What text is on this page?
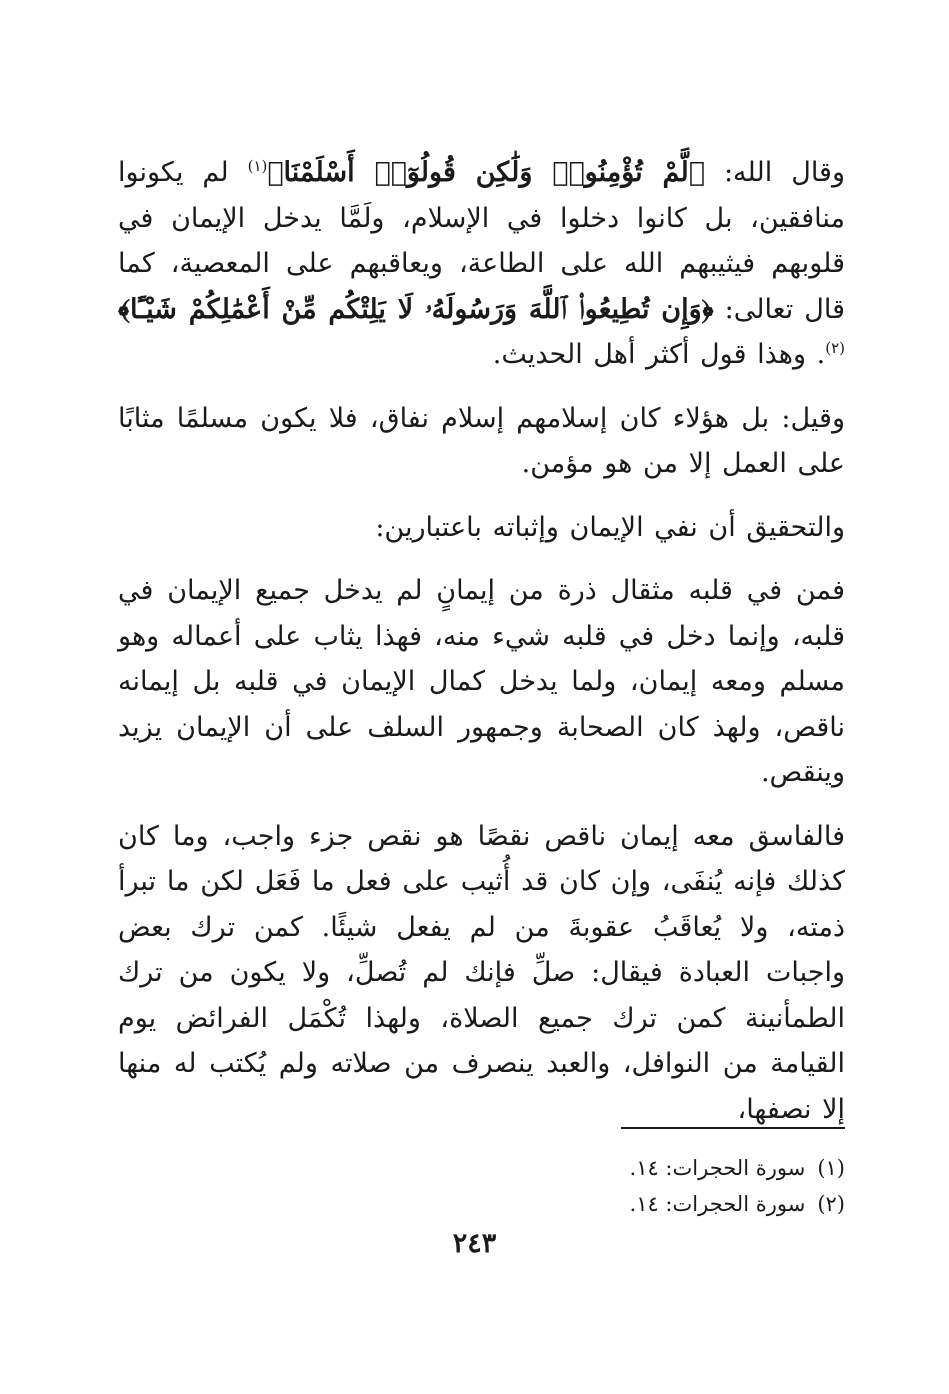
وقال الله: ﴿لَّمْ تُؤْمِنُوا۟ وَلَٰكِن قُولُوٓا۟ أَسْلَمْنَا﴾$^{(١)}$ لم يكونوا منافقين، بل كانوا دخلوا في الإسلام، ولَمَّا يدخل الإيمان في قلوبهم فيثيبهم الله على الطاعة، ويعاقبهم على المعصية، كما قال تعالى: ﴿وَإِن تُطِيعُوا۟ ٱللَّهَ وَرَسُولَهُۥ لَا يَلِتْكُم مِّنْ أَعْمَٰلِكُمْ شَيْـًٔا﴾$^{(٢)}$. وهذا قول أكثر أهل الحديث.

وقيل: بل هؤلاء كان إسلامهم إسلام نفاق، فلا يكون مسلمًا مثابًا على العمل إلا من هو مؤمن.

والتحقيق أن نفي الإيمان وإثباته باعتبارين:

فمن في قلبه مثقال ذرة من إيمانٍ لم يدخل جميع الإيمان في قلبه، وإنما دخل في قلبه شيء منه، فهذا يثاب على أعماله وهو مسلم ومعه إيمان، ولما يدخل كمال الإيمان في قلبه بل إيمانه ناقص، ولهذ كان الصحابة وجمهور السلف على أن الإيمان يزيد وينقص.

فالفاسق معه إيمان ناقص نقصًا هو نقص جزء واجب، وما كان كذلك فإنه يُنفَى، وإن كان قد أُثيب على فعل ما فَعَل لكن ما تبرأ ذمته، ولا يُعاقَبُ عقوبةَ من لم يفعل شيئًا. كمن ترك بعض واجبات العبادة فيقال: صلِّ فإنك لم تُصلِّ، ولا يكون من ترك الطمأنينة كمن ترك جميع الصلاة، ولهذا تُكْمَل الفرائض يوم القيامة من النوافل، والعبد ينصرف من صلاته ولم يُكتب له منها إلا نصفها،

(١)سورة الحجرات: ١٤.

(٢)سورة الحجرات: ١٤.

٢٤٣
